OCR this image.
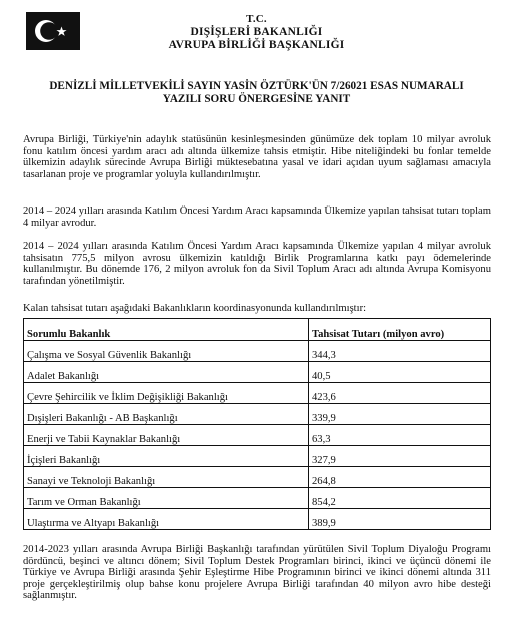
T.C.
DIŞİŞLERİ BAKANLIĞI
AVRUPA BİRLİĞİ BAŞKANLIĞI
DENİZLİ MİLLETVEKİLİ SAYIN YASİN ÖZTÜRK'ÜN 7/26021 ESAS NUMARALI
YAZILI SORU ÖNERGESİNE YANIT

Avrupa Birliği, Türkiye'nin adaylık statüsünün kesinleşmesinden günümüze dek toplam 10 milyar avroluk fonu katılım öncesi yardım aracı adı altında ülkemize tahsis etmiştir. Hibe niteliğindeki bu fonlar temelde ülkemizin adaylık sürecinde Avrupa Birliği müktesebatına yasal ve idari açıdan uyum sağlaması amacıyla tasarlanan proje ve programlar yoluyla kullandırılmıştır.

2014 – 2024 yılları arasında Katılım Öncesi Yardım Aracı kapsamında Ülkemize yapılan tahsisat tutarı toplam 4 milyar avrodur.

2014 – 2024 yılları arasında Katılım Öncesi Yardım Aracı kapsamında Ülkemize yapılan 4 milyar avroluk tahsisatın 775,5 milyon avrosu ülkemizin katıldığı Birlik Programlarına katkı payı ödemelerinde kullanılmıştır. Bu dönemde 176, 2 milyon avroluk fon da Sivil Toplum Aracı adı altında Avrupa Komisyonu tarafından yönetilmiştir.

Kalan tahsisat tutarı aşağıdaki Bakanlıkların koordinasyonunda kullandırılmıştır:

Sorumlu Bakanlık	Tahsisat Tutarı (milyon avro)
Çalışma ve Sosyal Güvenlik Bakanlığı	344,3
Adalet Bakanlığı	40,5
Çevre Şehircilik ve İklim Değişikliği Bakanlığı	423,6
Dışişleri Bakanlığı - AB Başkanlığı	339,9
Enerji ve Tabii Kaynaklar Bakanlığı	63,3
İçişleri Bakanlığı	327,9
Sanayi ve Teknoloji Bakanlığı	264,8
Tarım ve Orman Bakanlığı	854,2
Ulaştırma ve Altyapı Bakanlığı	389,9

2014-2023 yılları arasında Avrupa Birliği Başkanlığı tarafından yürütülen Sivil Toplum Diyaloğu Programı dördüncü, beşinci ve altıncı dönem; Sivil Toplum Destek Programları birinci, ikinci ve üçüncü dönemi ile Türkiye ve Avrupa Birliği arasında Şehir Eşleştirme Hibe Programının birinci ve ikinci dönemi altında 311 proje gerçekleştirilmiş olup bahse konu projelere Avrupa Birliği tarafından 40 milyon avro hibe desteği sağlanmıştır.
